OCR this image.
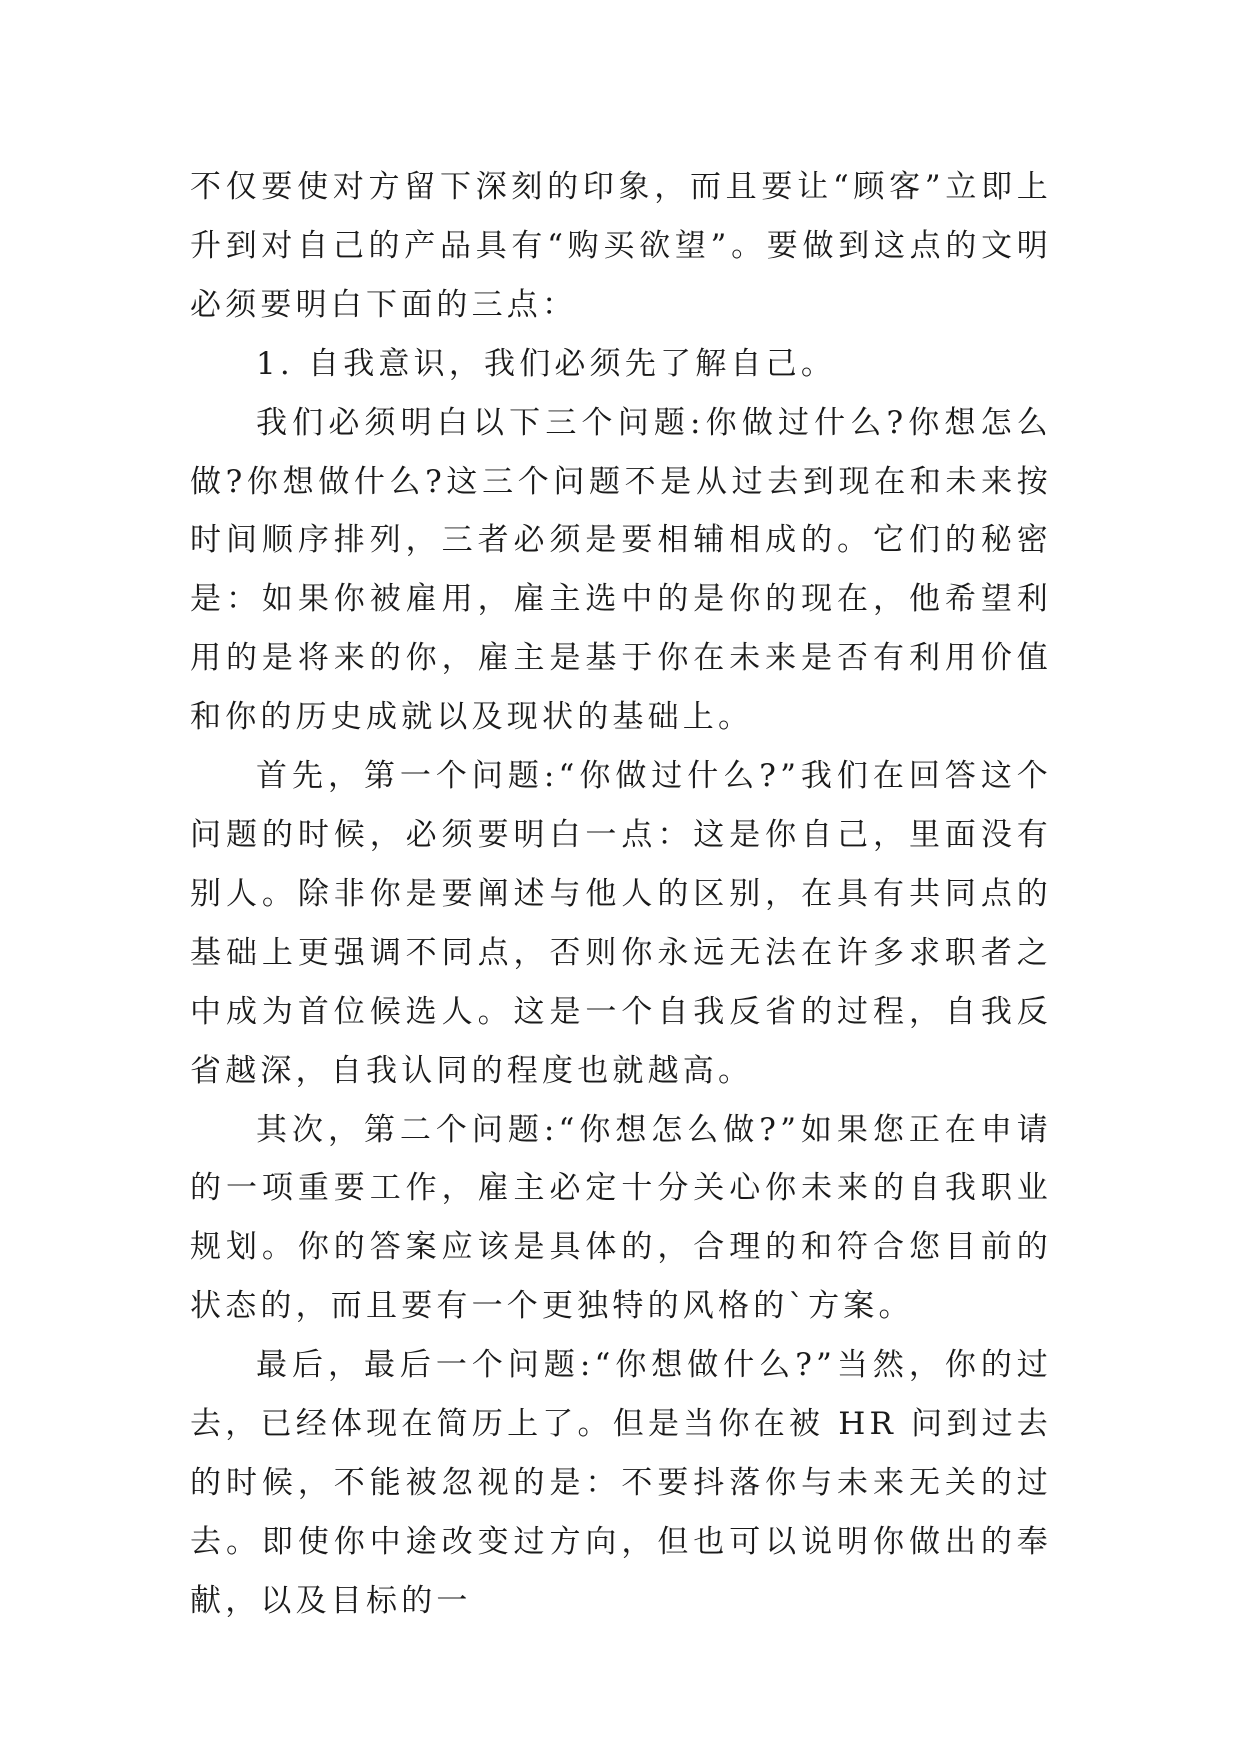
不仅要使对方留下深刻的印象，而且要让“顾客”立即上升到对自己的产品具有“购买欲望”。要做到这点的文明必须要明白下面的三点：

1. 自我意识，我们必须先了解自己。

我们必须明白以下三个问题:你做过什么?你想怎么做?你想做什么?这三个问题不是从过去到现在和未来按时间顺序排列，三者必须是要相辅相成的。它们的秘密是：如果你被雇用，雇主选中的是你的现在，他希望利用的是将来的你，雇主是基于你在未来是否有利用价值和你的历史成就以及现状的基础上。

首先，第一个问题:“你做过什么?”我们在回答这个问题的时候，必须要明白一点：这是你自己，里面没有别人。除非你是要阐述与他人的区别，在具有共同点的基础上更强调不同点，否则你永远无法在许多求职者之中成为首位候选人。这是一个自我反省的过程，自我反省越深，自我认同的程度也就越高。

其次，第二个问题:“你想怎么做?”如果您正在申请的一项重要工作，雇主必定十分关心你未来的自我职业规划。你的答案应该是具体的，合理的和符合您目前的状态的，而且要有一个更独特的风格的`方案。

最后，最后一个问题:“你想做什么?”当然，你的过去，已经体现在简历上了。但是当你在被 HR 问到过去的时候，不能被忽视的是：不要抖落你与未来无关的过去。即使你中途改变过方向，但也可以说明你做出的奉献，以及目标的一
